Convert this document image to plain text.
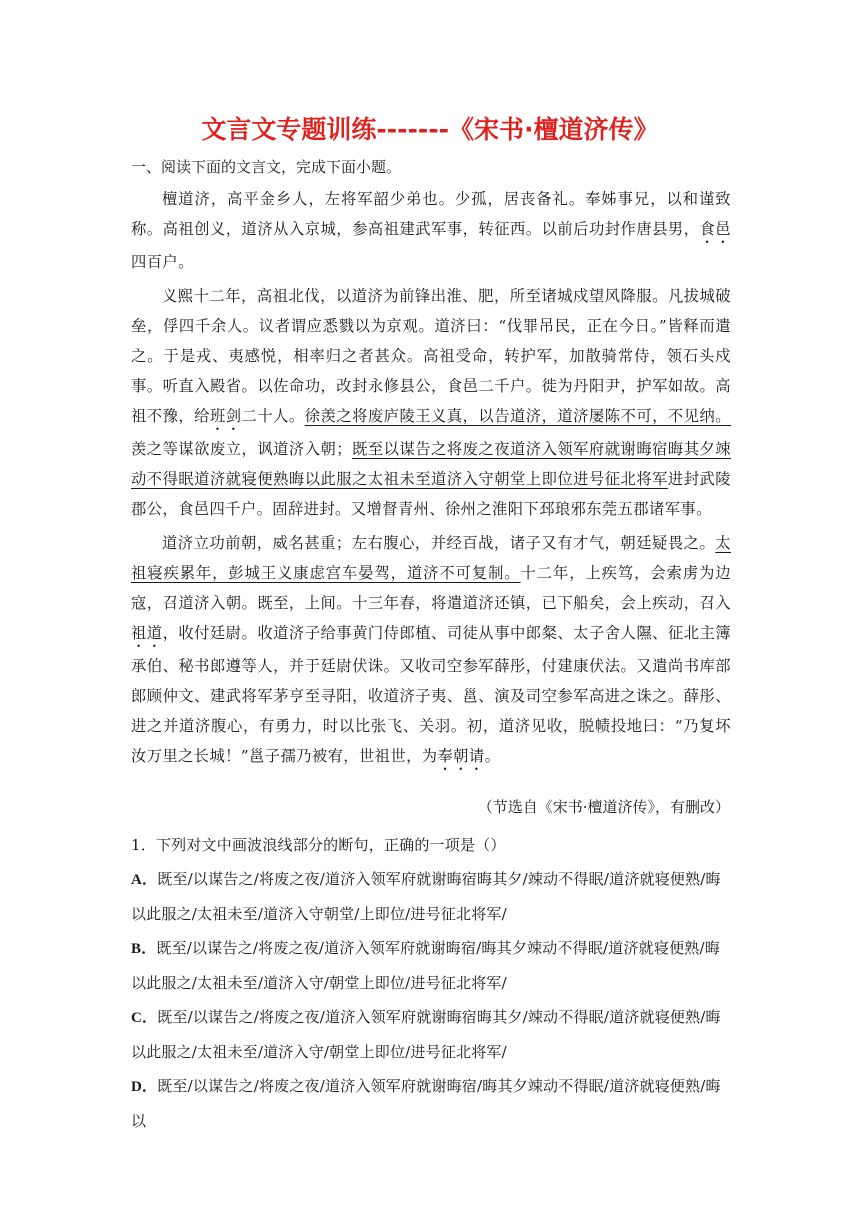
文言文专题训练-------《宋书·檀道济传》
一、阅读下面的文言文，完成下面小题。

檀道济，高平金乡人，左将军韶少弟也。少孤，居丧备礼。奉姊事兄，以和谨致称。高祖创义，道济从入京城，参高祖建武军事，转征西。以前后功封作唐县男，食邑四百户。

义熙十二年，高祖北伐，以道济为前锋出淮、肥，所至诸城戍望风降服。凡拔城破垒，俘四千余人。议者谓应悉戮以为京观。道济曰：“伐罪吊民，正在今日。”皆释而遣之。于是戎、夷感悦，相率归之者甚众。高祖受命，转护军，加散骑常侍，领石头戍事。听直入殿省。以佐命功，改封永修县公，食邑二千户。徙为丹阳尹，护军如故。高祖不豫，给班剑二十人。徐羡之将废庐陵王义真，以告道济，道济屡陈不可，不见纳。羡之等谋欲废立，讽道济入朝；既至以谋告之将废之夜道济入领军府就谢晦宿晦其夕竦动不得眠道济就寝便熟晦以此服之太祖未至道济入守朝堂上即位进号征北将军进封武陵郡公，食邑四千户。固辞进封。又增督青州、徐州之淮阳下邳琅邪东莞五郡诸军事。

道济立功前朝，威名甚重；左右腹心，并经百战，诸子又有才气，朝廷疑畏之。太祖寝疾累年，彭城王义康虑宫车晏驾，道济不可复制。十二年，上疾笃，会索虏为边寇，召道济入朝。既至，上间。十三年春，将遣道济还镇，已下船矣，会上疾动，召入祖道，收付廷尉。收道济子给事黄门侍郎植、司徒从事中郎粲、太子舍人隰、征北主簿承伯、秘书郎遵等人，并于廷尉伏诛。又收司空参军薛彤，付建康伏法。又遣尚书库部郎顾仲文、建武将军茅亨至寻阳，收道济子夷、邕、演及司空参军高进之诛之。薛彤、进之并道济腹心，有勇力，时以比张飞、关羽。初，道济见收，脱帻投地曰：“乃复坏汝万里之长城！”邕子孺乃被宥，世祖世，为奉朝请。

（节选自《宋书·檀道济传》，有删改）
1．下列对文中画波浪线部分的断句，正确的一项是（）
A．既至/以谋告之/将废之夜/道济入领军府就谢晦宿晦其夕/竦动不得眠/道济就寝便熟/晦以此服之/太祖未至/道济入守朝堂/上即位/进号征北将军/
B．既至/以谋告之/将废之夜/道济入领军府就谢晦宿/晦其夕竦动不得眠/道济就寝便熟/晦以此服之/太祖未至/道济入守/朝堂上即位/进号征北将军/
C．既至/以谋告之/将废之夜/道济入领军府就谢晦宿晦其夕/竦动不得眠/道济就寝便熟/晦以此服之/太祖未至/道济入守/朝堂上即位/进号征北将军/
D．既至/以谋告之/将废之夜/道济入领军府就谢晦宿/晦其夕竦动不得眠/道济就寝便熟/晦以
